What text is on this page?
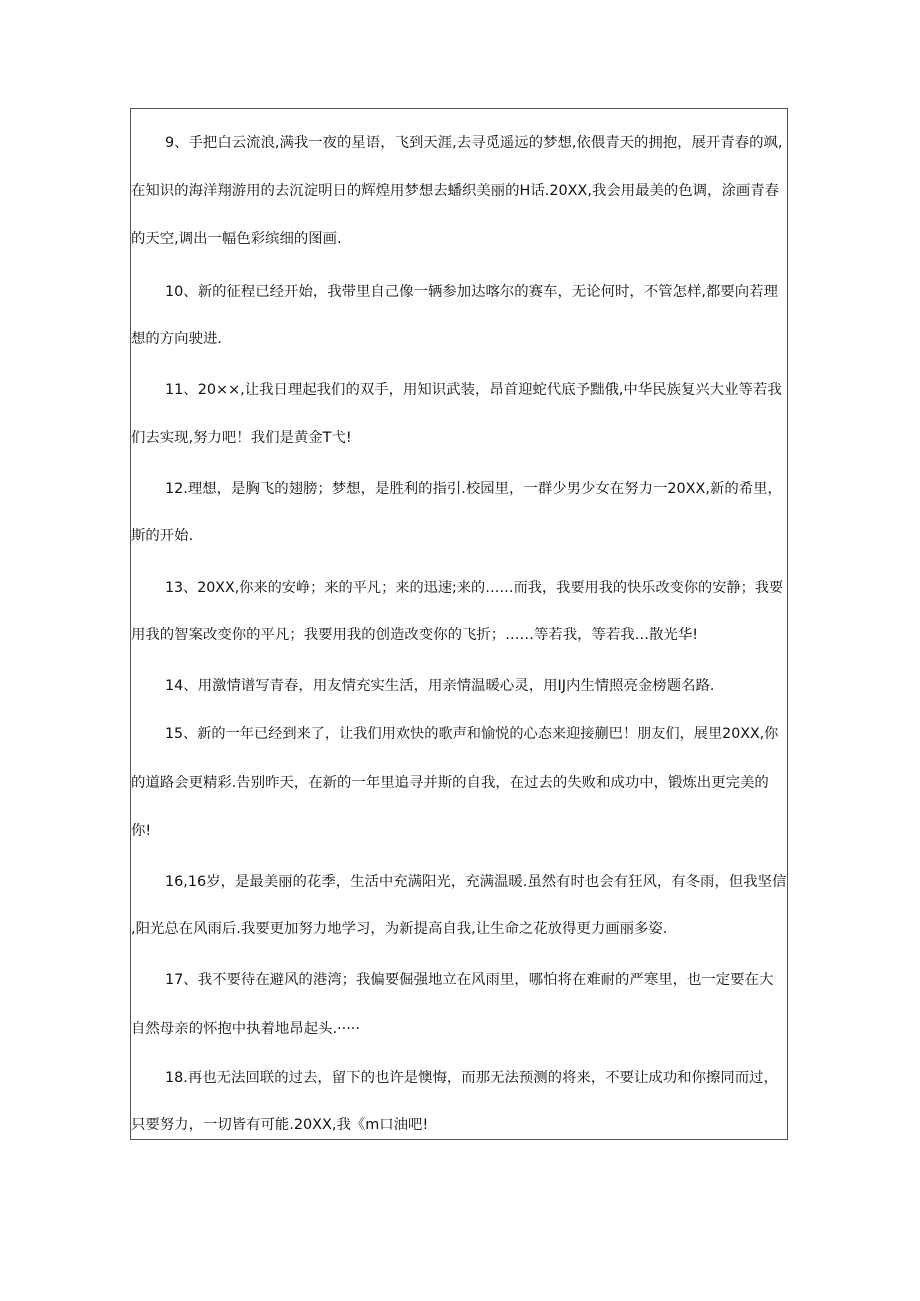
9、手把白云流浪,满我一夜的星语，飞到天涯,去寻觅遥远的梦想,依偎青天的拥抱，展开青春的飒,

在知识的海洋翔游用的去沉淀明日的辉煌用梦想去蟠织美丽的H话.20XX,我会用最美的色调，涂画青春

的天空,调出一幅色彩缤细的图画.

10、新的征程已经开始，我带里自己像一辆参加达喀尔的赛车，无论何时，不管怎样,都要向若理

想的方向驶进.

11、20××,让我日理起我们的双手，用知识武装，昂首迎蛇代底予黜俄,中华民族复兴大业等若我

们去实现,努力吧！我们是黄金T弋!

12.理想，是胸飞的翅膀；梦想，是胜利的指引.校园里，一群少男少女在努力一20XX,新的希里，

斯的开始.

13、20XX,你来的安峥；来的平凡；来的迅速;来的……而我，我要用我的快乐改变你的安静；我要

用我的智案改变你的平凡；我要用我的创造改变你的飞折；……等若我，等若我…散光华!

14、用激情谱写青春，用友情充实生活，用亲情温暖心灵，用IJ内生情照亮金榜题名路.

15、新的一年已经到来了，让我们用欢快的歌声和愉悦的心态来迎接蒯巴！朋友们，展里20XX,你

的道路会更精彩.告别昨天，在新的一年里追寻并斯的自我，在过去的失败和成功中，锻炼出更完美的

你!

16,16岁，是最美丽的花季，生活中充满阳光，充满温暖.虽然有时也会有狂风，有冬雨，但我坚信

,阳光总在风雨后.我要更加努力地学习，为新提高自我,让生命之花放得更力画丽多姿.

17、我不要待在避风的港湾；我偏要倔强地立在风雨里，哪怕将在难耐的严寒里，也一定要在大

自然母亲的怀抱中执着地昂起头.·····

18.再也无法回联的过去，留下的也许是懊悔，而那无法预测的将来，不要让成功和你擦同而过，

只要努力，一切皆有可能.20XX,我《m口油吧!
